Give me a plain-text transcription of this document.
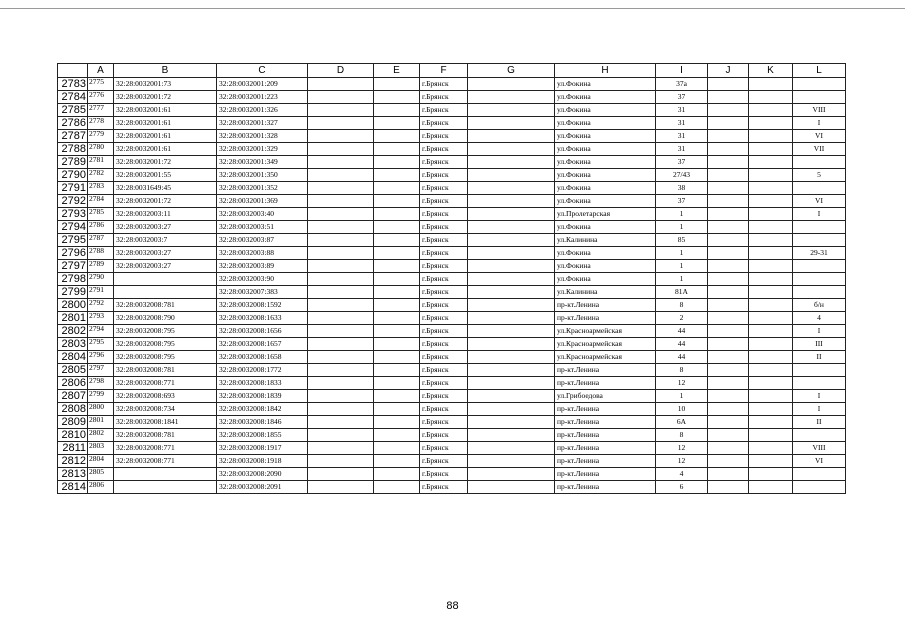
	A	B	C	D	E	F	G	H	I	J	K	L
2783	2775	32:28:0032001:73	32:28:0032001:209			г.Брянск		ул.Фокина	37а			
2784	2776	32:28:0032001:72	32:28:0032001:223			г.Брянск		ул.Фокина	37			
2785	2777	32:28:0032001:61	32:28:0032001:326			г.Брянск		ул.Фокина	31			VIII
2786	2778	32:28:0032001:61	32:28:0032001:327			г.Брянск		ул.Фокина	31			I
2787	2779	32:28:0032001:61	32:28:0032001:328			г.Брянск		ул.Фокина	31			VI
2788	2780	32:28:0032001:61	32:28:0032001:329			г.Брянск		ул.Фокина	31			VII
2789	2781	32:28:0032001:72	32:28:0032001:349			г.Брянск		ул.Фокина	37			
2790	2782	32:28:0032001:55	32:28:0032001:350			г.Брянск		ул.Фокина	27/43			5
2791	2783	32:28:0031649:45	32:28:0032001:352			г.Брянск		ул.Фокина	38			
2792	2784	32:28:0032001:72	32:28:0032001:369			г.Брянск		ул.Фокина	37			VI
2793	2785	32:28:0032003:11	32:28:0032003:40			г.Брянск		ул.Пролетарская	1			I
2794	2786	32:28:0032003:27	32:28:0032003:51			г.Брянск		ул.Фокина	1			
2795	2787	32:28:0032003:7	32:28:0032003:87			г.Брянск		ул.Калинина	85			
2796	2788	32:28:0032003:27	32:28:0032003:88			г.Брянск		ул.Фокина	1			29-31
2797	2789	32:28:0032003:27	32:28:0032003:89			г.Брянск		ул.Фокина	1			
2798	2790		32:28:0032003:90			г.Брянск		ул.Фокина	1			
2799	2791		32:28:0032007:383			г.Брянск		ул.Калинина	81А			
2800	2792	32:28:0032008:781	32:28:0032008:1592			г.Брянск		пр-кт.Ленина	8			б/н
2801	2793	32:28:0032008:790	32:28:0032008:1633			г.Брянск		пр-кт.Ленина	2			4
2802	2794	32:28:0032008:795	32:28:0032008:1656			г.Брянск		ул.Красноармейская	44			I
2803	2795	32:28:0032008:795	32:28:0032008:1657			г.Брянск		ул.Красноармейская	44			III
2804	2796	32:28:0032008:795	32:28:0032008:1658			г.Брянск		ул.Красноармейская	44			II
2805	2797	32:28:0032008:781	32:28:0032008:1772			г.Брянск		пр-кт.Ленина	8			
2806	2798	32:28:0032008:771	32:28:0032008:1833			г.Брянск		пр-кт.Ленина	12			
2807	2799	32:28:0032008:693	32:28:0032008:1839			г.Брянск		ул.Грибоедова	1			I
2808	2800	32:28:0032008:734	32:28:0032008:1842			г.Брянск		пр-кт.Ленина	10			I
2809	2801	32:28:0032008:1841	32:28:0032008:1846			г.Брянск		пр-кт.Ленина	6А			II
2810	2802	32:28:0032008:781	32:28:0032008:1855			г.Брянск		пр-кт.Ленина	8			
2811	2803	32:28:0032008:771	32:28:0032008:1917			г.Брянск		пр-кт.Ленина	12			VIII
2812	2804	32:28:0032008:771	32:28:0032008:1918			г.Брянск		пр-кт.Ленина	12			VI
2813	2805		32:28:0032008:2090			г.Брянск		пр-кт.Ленина	4			
2814	2806		32:28:0032008:2091			г.Брянск		пр-кт.Ленина	6			
88
